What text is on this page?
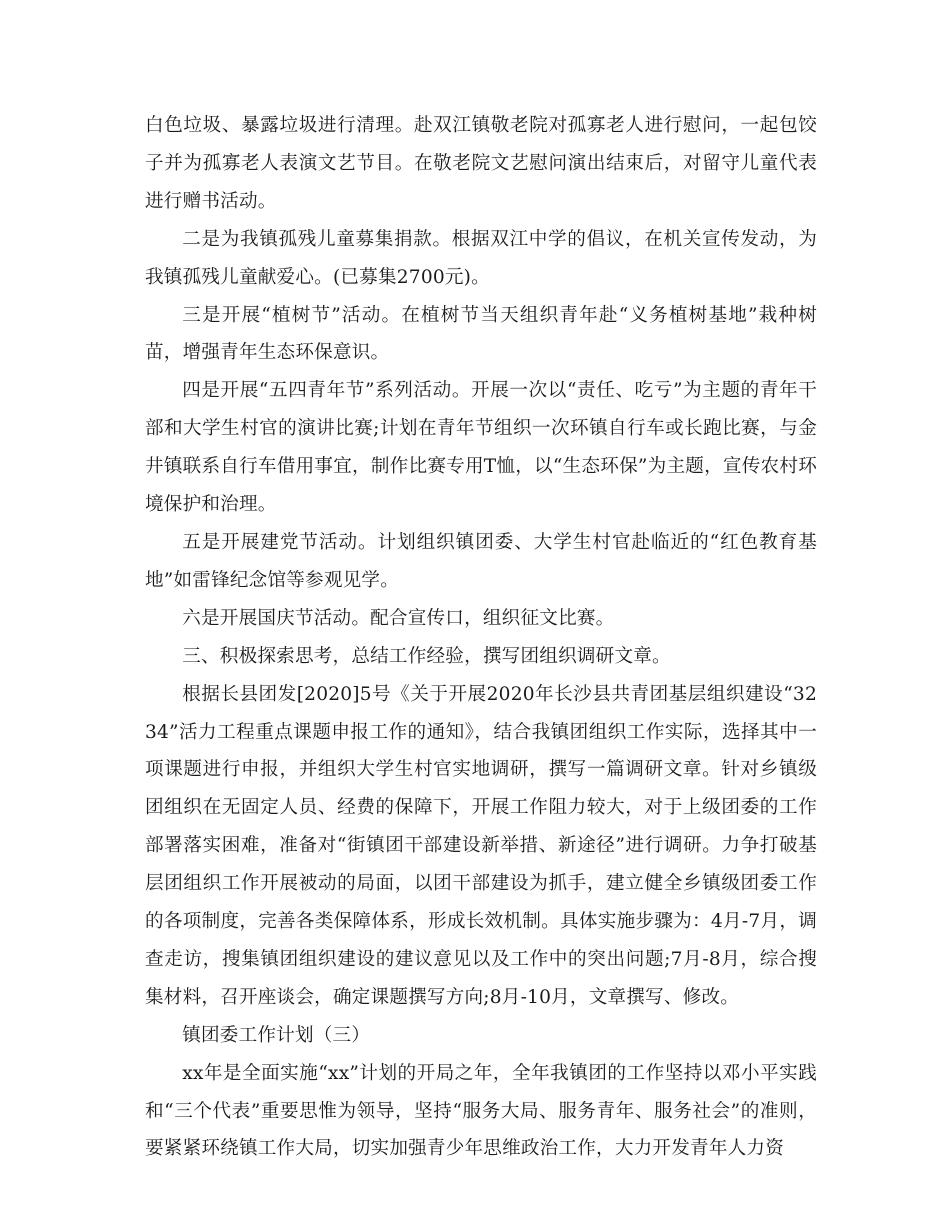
白色垃圾、暴露垃圾进行清理。赴双江镇敬老院对孤寡老人进行慰问，一起包饺子并为孤寡老人表演文艺节目。在敬老院文艺慰问演出结束后，对留守儿童代表进行赠书活动。

二是为我镇孤残儿童募集捐款。根据双江中学的倡议，在机关宣传发动，为我镇孤残儿童献爱心。(已募集2700元)。

三是开展“植树节”活动。在植树节当天组织青年赴“义务植树基地”栽种树苗，增强青年生态环保意识。

四是开展“五四青年节”系列活动。开展一次以“责任、吃亏”为主题的青年干部和大学生村官的演讲比赛;计划在青年节组织一次环镇自行车或长跑比赛，与金井镇联系自行车借用事宜，制作比赛专用T恤，以“生态环保”为主题，宣传农村环境保护和治理。

五是开展建党节活动。计划组织镇团委、大学生村官赴临近的“红色教育基地”如雷锋纪念馆等参观见学。

六是开展国庆节活动。配合宣传口，组织征文比赛。

三、积极探索思考，总结工作经验，撰写团组织调研文章。

根据长县团发[2020]5号《关于开展2020年长沙县共青团基层组织建设“3234”活力工程重点课题申报工作的通知》，结合我镇团组织工作实际，选择其中一项课题进行申报，并组织大学生村官实地调研，撰写一篇调研文章。针对乡镇级团组织在无固定人员、经费的保障下，开展工作阻力较大，对于上级团委的工作部署落实困难，准备对“街镇团干部建设新举措、新途径”进行调研。力争打破基层团组织工作开展被动的局面，以团干部建设为抓手，建立健全乡镇级团委工作的各项制度，完善各类保障体系，形成长效机制。具体实施步骤为：4月-7月，调查走访，搜集镇团组织建设的建议意见以及工作中的突出问题;7月-8月，综合搜集材料，召开座谈会，确定课题撰写方向;8月-10月，文章撰写、修改。

镇团委工作计划（三）

xx年是全面实施“xx”计划的开局之年，全年我镇团的工作坚持以邓小平实践和“三个代表”重要思惟为领导，坚持“服务大局、服务青年、服务社会”的准则，要紧紧环绕镇工作大局，切实加强青少年思维政治工作，大力开发青年人力资
